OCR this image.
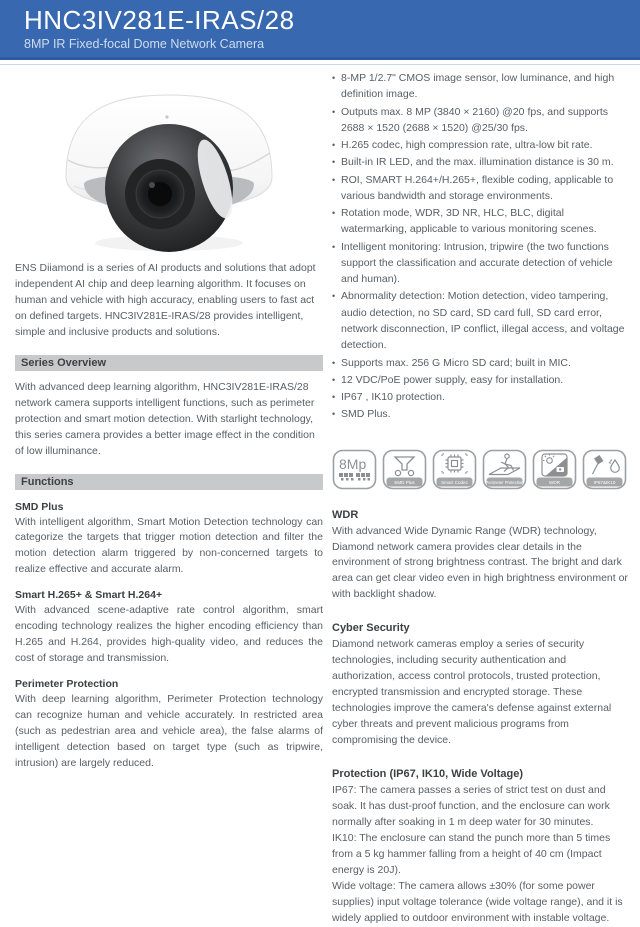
HNC3IV281E-IRAS/28
8MP IR Fixed-focal Dome Network Camera

ENS Diiamond is a series of AI products and solutions that adopt independent AI chip and deep learning algorithm. It focuses on human and vehicle with high accuracy, enabling users to fast act on defined targets. HNC3IV281E-IRAS/28 provides intelligent, simple and inclusive products and solutions.

Series Overview

With advanced deep learning algorithm, HNC3IV281E-IRAS/28 network camera supports intelligent functions, such as perimeter protection and smart motion detection. With starlight technology, this series camera provides a better image effect in the condition of low illuminance.

Functions
SMD Plus

With intelligent algorithm, Smart Motion Detection technology can categorize the targets that trigger motion detection and filter the motion detection alarm triggered by non-concerned targets to realize effective and accurate alarm.

Smart H.265+ & Smart H.264+

With advanced scene-adaptive rate control algorithm, smart encoding technology realizes the higher encoding efficiency than H.265 and H.264, provides high-quality video, and reduces the cost of storage and transmission.

Perimeter Protection

With deep learning algorithm, Perimeter Protection technology can recognize human and vehicle accurately. In restricted area (such as pedestrian area and vehicle area), the false alarms of intelligent detection based on target type (such as tripwire, intrusion) are largely reduced.

• 8-MP 1/2.7" CMOS image sensor, low luminance, and high definition image.
• Outputs max. 8 MP (3840 × 2160) @20 fps, and supports 2688 × 1520 (2688 × 1520) @25/30 fps.
• H.265 codec, high compression rate, ultra-low bit rate.
• Built-in IR LED, and the max. illumination distance is 30 m.
• ROI, SMART H.264+/H.265+, flexible coding, applicable to various bandwidth and storage environments.
• Rotation mode, WDR, 3D NR, HLC, BLC, digital watermarking, applicable to various monitoring scenes.
• Intelligent monitoring: Intrusion, tripwire (the two functions support the classification and accurate detection of vehicle and human).
• Abnormality detection: Motion detection, video tampering, audio detection, no SD card, SD card full, SD card error, network disconnection, IP conflict, illegal access, and voltage detection.
• Supports max. 256 G Micro SD card; built in MIC.
• 12 VDC/PoE power supply, easy for installation.
• IP67 , IK10 protection.
• SMD Plus.
8Mp
SMD Plus	Smart Codec	Perimeter Protection	WDR	IP67&IK10
WDR

With advanced Wide Dynamic Range (WDR) technology, Diamond network camera provides clear details in the environment of strong brightness contrast. The bright and dark area can get clear video even in high brightness environment or with backlight shadow.

Cyber Security

Diamond network cameras employ a series of security technologies, including security authentication and authorization, access control protocols, trusted protection, encrypted transmission and encrypted storage. These technologies improve the camera's defense against external cyber threats and prevent malicious programs from compromising the device.

Protection (IP67, IK10, Wide Voltage)

IP67: The camera passes a series of strict test on dust and soak. It has dust-proof function, and the enclosure can work normally after soaking in 1 m deep water for 30 minutes.

IK10: The enclosure can stand the punch more than 5 times from a 5 kg hammer falling from a height of 40 cm (Impact energy is 20J).

Wide voltage: The camera allows ±30% (for some power supplies) input voltage tolerance (wide voltage range), and it is widely applied to outdoor environment with instable voltage.
